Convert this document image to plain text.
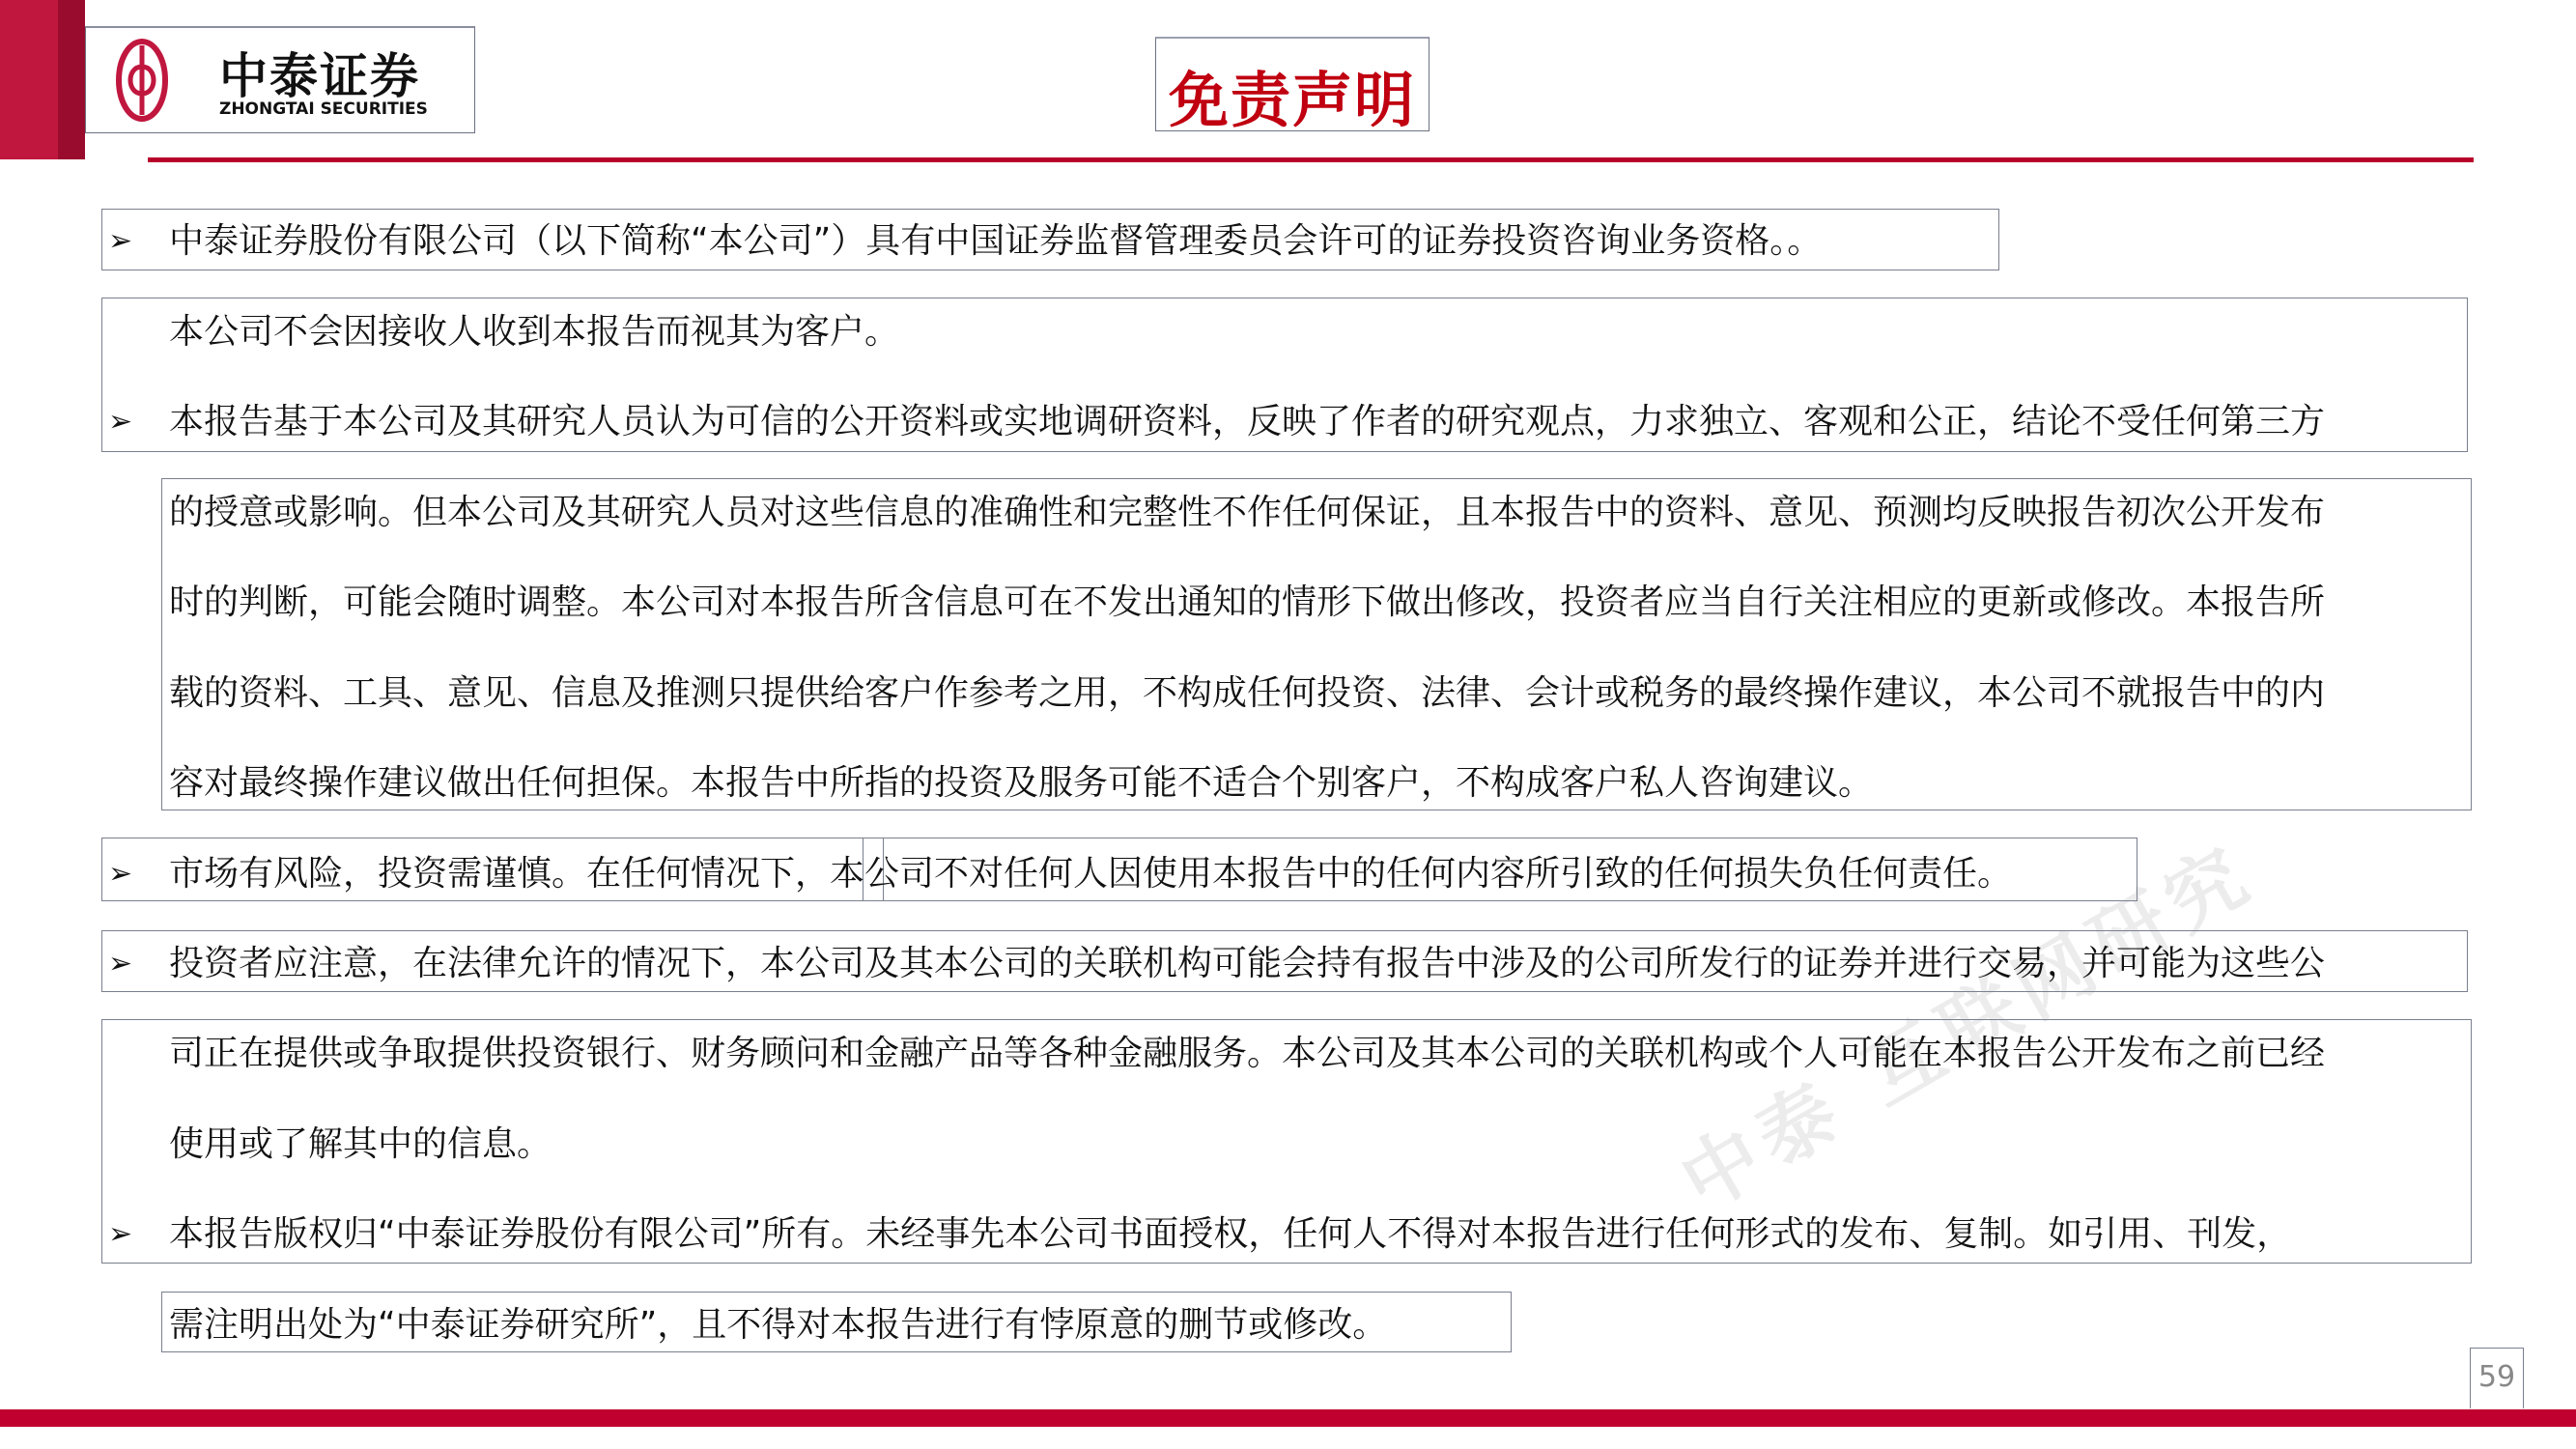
中泰证券
ZHONGTAI SECURITIES	免责声明
中泰 互联网研究
➢
➢
➢
➢
➢
中泰证券股份有限公司（以下简称“本公司”）具有中国证券监督管理委员会许可的证券投资咨询业务资格。。
本公司不会因接收人收到本报告而视其为客户。
本报告基于本公司及其研究人员认为可信的公开资料或实地调研资料，反映了作者的研究观点，力求独立、客观和公正，结论不受任何第三方
的授意或影响。但本公司及其研究人员对这些信息的准确性和完整性不作任何保证，且本报告中的资料、意见、预测均反映报告初次公开发布
时的判断，可能会随时调整。本公司对本报告所含信息可在不发出通知的情形下做出修改，投资者应当自行关注相应的更新或修改。本报告所
载的资料、工具、意见、信息及推测只提供给客户作参考之用，不构成任何投资、法律、会计或税务的最终操作建议，本公司不就报告中的内
容对最终操作建议做出任何担保。本报告中所指的投资及服务可能不适合个别客户，不构成客户私人咨询建议。
市场有风险，投资需谨慎。在任何情况下，本公司不对任何人因使用本报告中的任何内容所引致的任何损失负任何责任。
投资者应注意，在法律允许的情况下，本公司及其本公司的关联机构可能会持有报告中涉及的公司所发行的证券并进行交易，并可能为这些公
司正在提供或争取提供投资银行、财务顾问和金融产品等各种金融服务。本公司及其本公司的关联机构或个人可能在本报告公开发布之前已经
使用或了解其中的信息。
本报告版权归“中泰证券股份有限公司”所有。未经事先本公司书面授权，任何人不得对本报告进行任何形式的发布、复制。如引用、刊发，
需注明出处为“中泰证券研究所”，且不得对本报告进行有悖原意的删节或修改。
59
